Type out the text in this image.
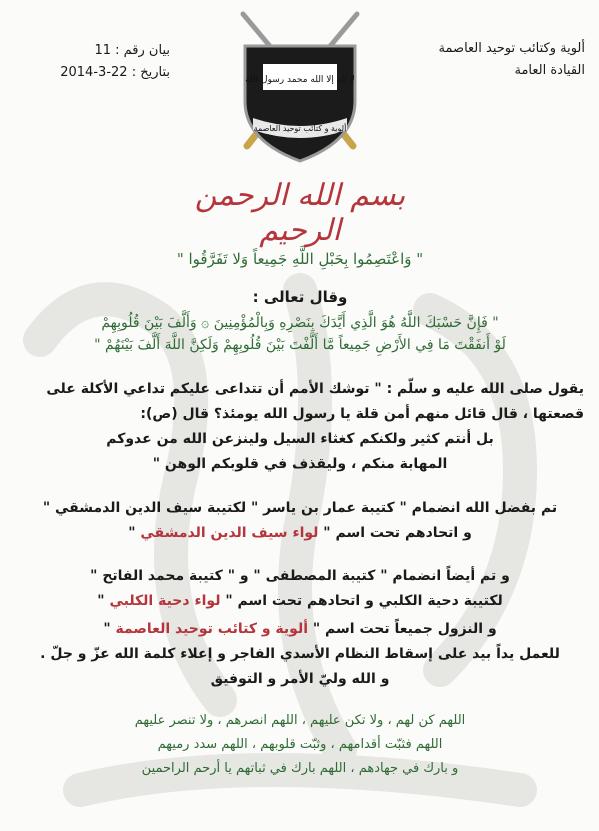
ألوية وكتائب توحيد العاصمة
القيادة العامة
بيان رقم : 11
بتاريخ : 22-3-2014	لا إله إلا الله محمد رسول الله
ألوية و كتائب توحيد العاصمة
بسم الله الرحمن الرحيم
" وَاعْتَصِمُوا بِحَبْلِ اللَّهِ جَمِيعاً وَلا تَفَرَّقُوا "
وقال تعالى :
" فَإِنَّ حَسْبَكَ اللَّهُ هُوَ الَّذِي أَيَّدَكَ بِنَصْرِهِ وَبِالْمُؤْمِنِينَ ۞ وَأَلَّفَ بَيْنَ قُلُوبِهِمْ
لَوْ أَنفَقْتَ مَا فِي الأَرْضِ جَمِيعاً مَّا أَلَّفْتَ بَيْنَ قُلُوبِهِمْ وَلَكِنَّ اللَّهَ أَلَّفَ بَيْنَهُمْ "
يقول صلى الله عليه و سلّم : " توشك الأمم أن تتداعى عليكم تداعي الأكلة على
قصعتها ، قال قائل منهم أمن قلة يا رسول الله يومئذ؟ قال (ص):
بل أنتم كثير ولكنكم كغثاء السيل ولينزعن الله من عدوكم
المهابة منكم ، وليقذف في قلوبكم الوهن "
تم بفضل الله انضمام " كتيبة عمار بن ياسر " لكتيبة سيف الدين الدمشقي "
و اتحادهم تحت اسم " لواء سيف الدين الدمشقي "
و تم أيضاً انضمام " كتيبة المصطفى " و " كتيبة محمد الفاتح "
لكتيبة دحية الكلبي و اتحادهم تحت اسم " لواء دحية الكلبي "
و النزول جميعاً تحت اسم " ألوية و كتائب توحيد العاصمة "
للعمل يداً بيد على إسقاط النظام الأسدي الفاجر و إعلاء كلمة الله عزّ و جلّ .
و الله وليّ الأمر و التوفيق
اللهم كن لهم ، ولا تكن عليهم ، اللهم انصرهم ، ولا تنصر عليهم
اللهم فثبّت أقدامهم ، وثبّت قلوبهم ، اللهم سدد رميهم
و بارك في جهادهم ، اللهم بارك في ثباتهم يا أرحم الراحمين
